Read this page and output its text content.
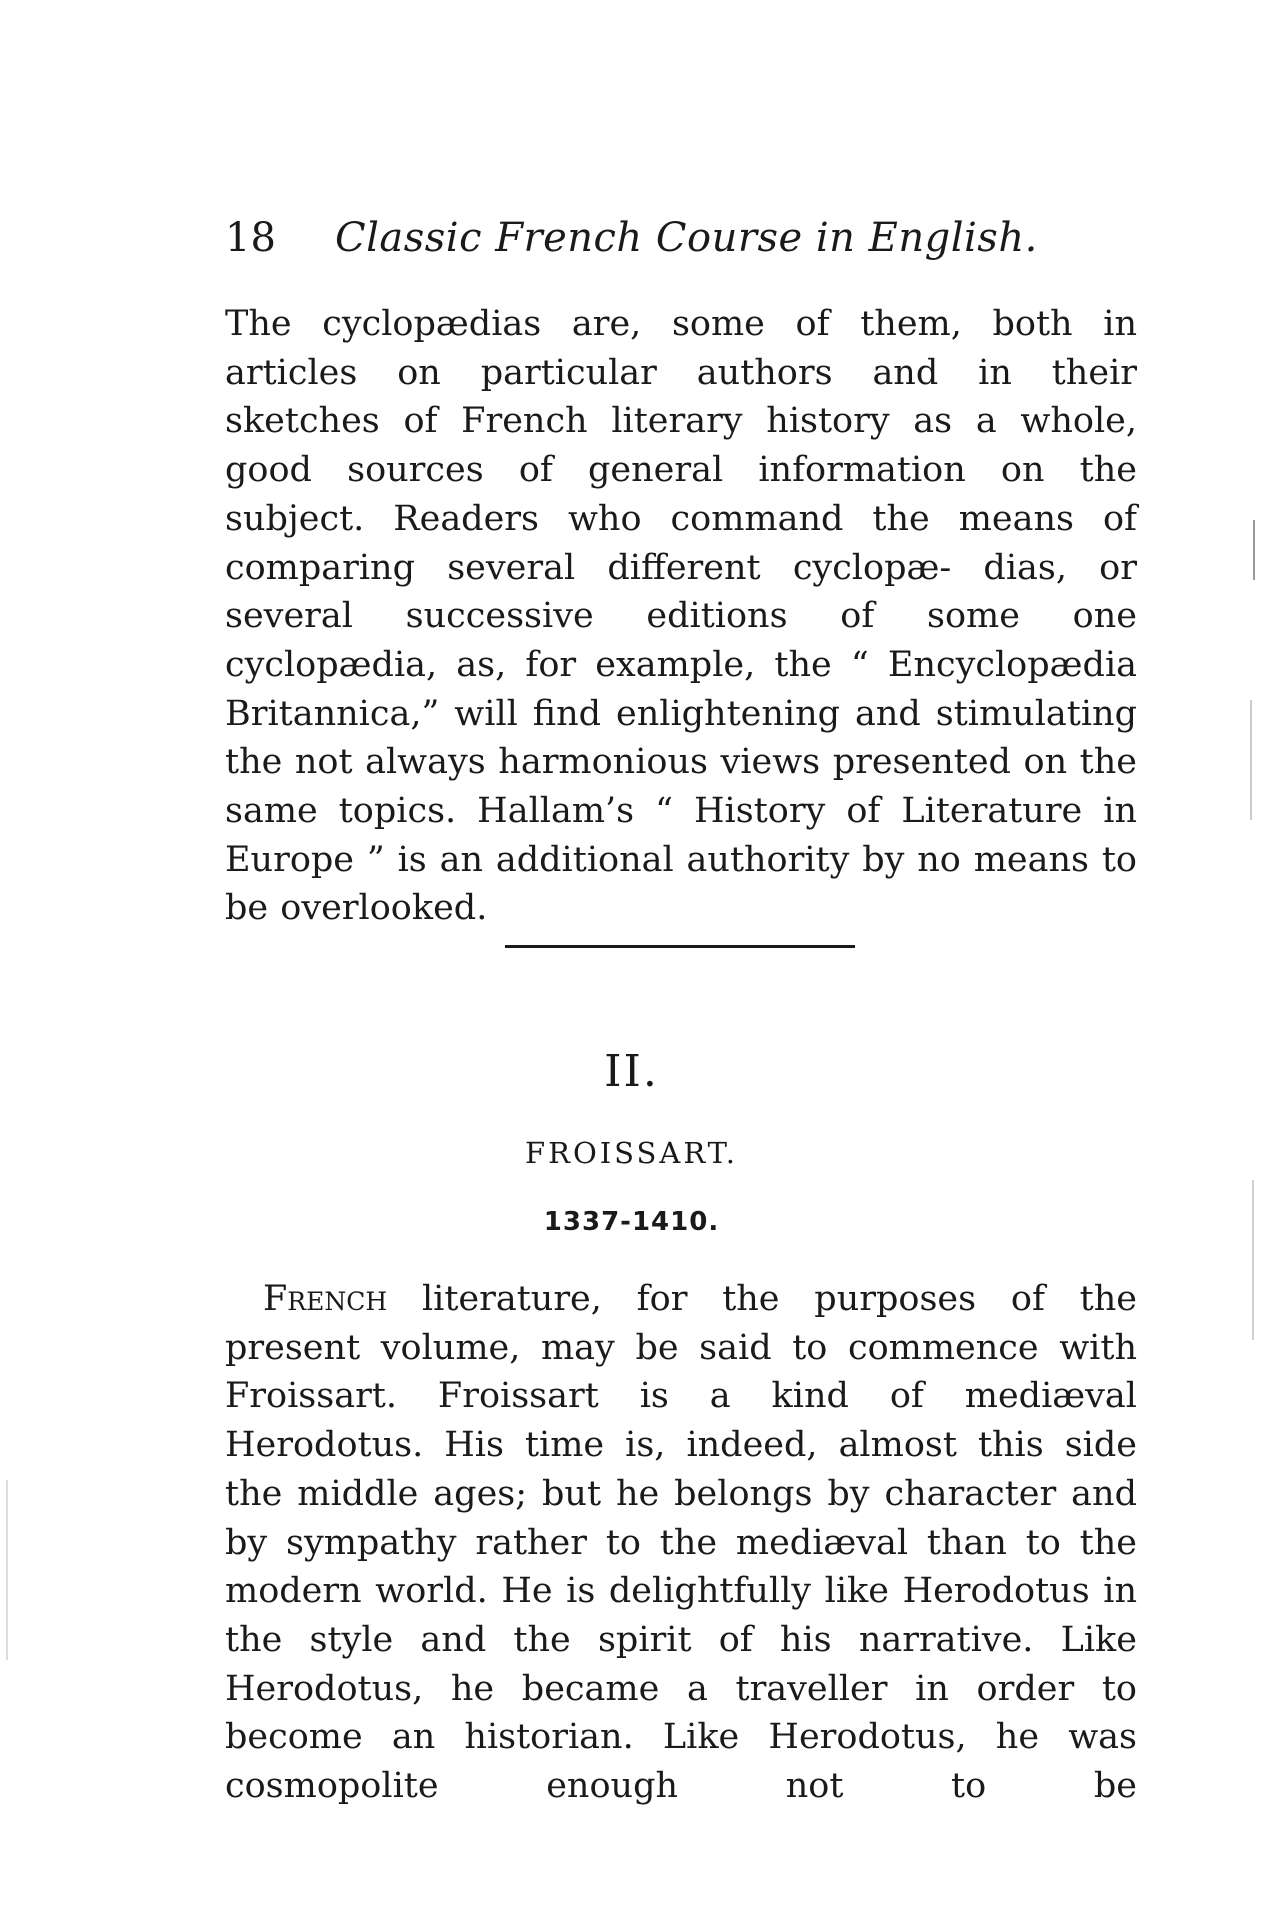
18 Classic French Course in English.

The cyclopædias are, some of them, both in articles on particular authors and in their sketches of French literary history as a whole, good sources of general information on the subject. Readers who command the means of comparing several different cyclopæ- dias, or several successive editions of some one cyclopædia, as, for example, the “ Encyclopædia Britannica,” will find enlightening and stimulating the not always harmonious views presented on the same topics. Hallam’s “ History of Literature in Europe ” is an additional authority by no means to
be overlooked.

II.
FROISSART.
1337-1410.

French literature, for the purposes of the present volume, may be said to commence with Froissart. Froissart is a kind of mediæval Herodotus. His time is, indeed, almost this side the middle ages; but he belongs by character and by sympathy rather to the mediæval than to the modern world. He is delightfully like Herodotus in the style and the spirit of his narrative. Like Herodotus, he became a traveller in order to become an historian. Like Herodotus, he was cosmopolite enough not to be
